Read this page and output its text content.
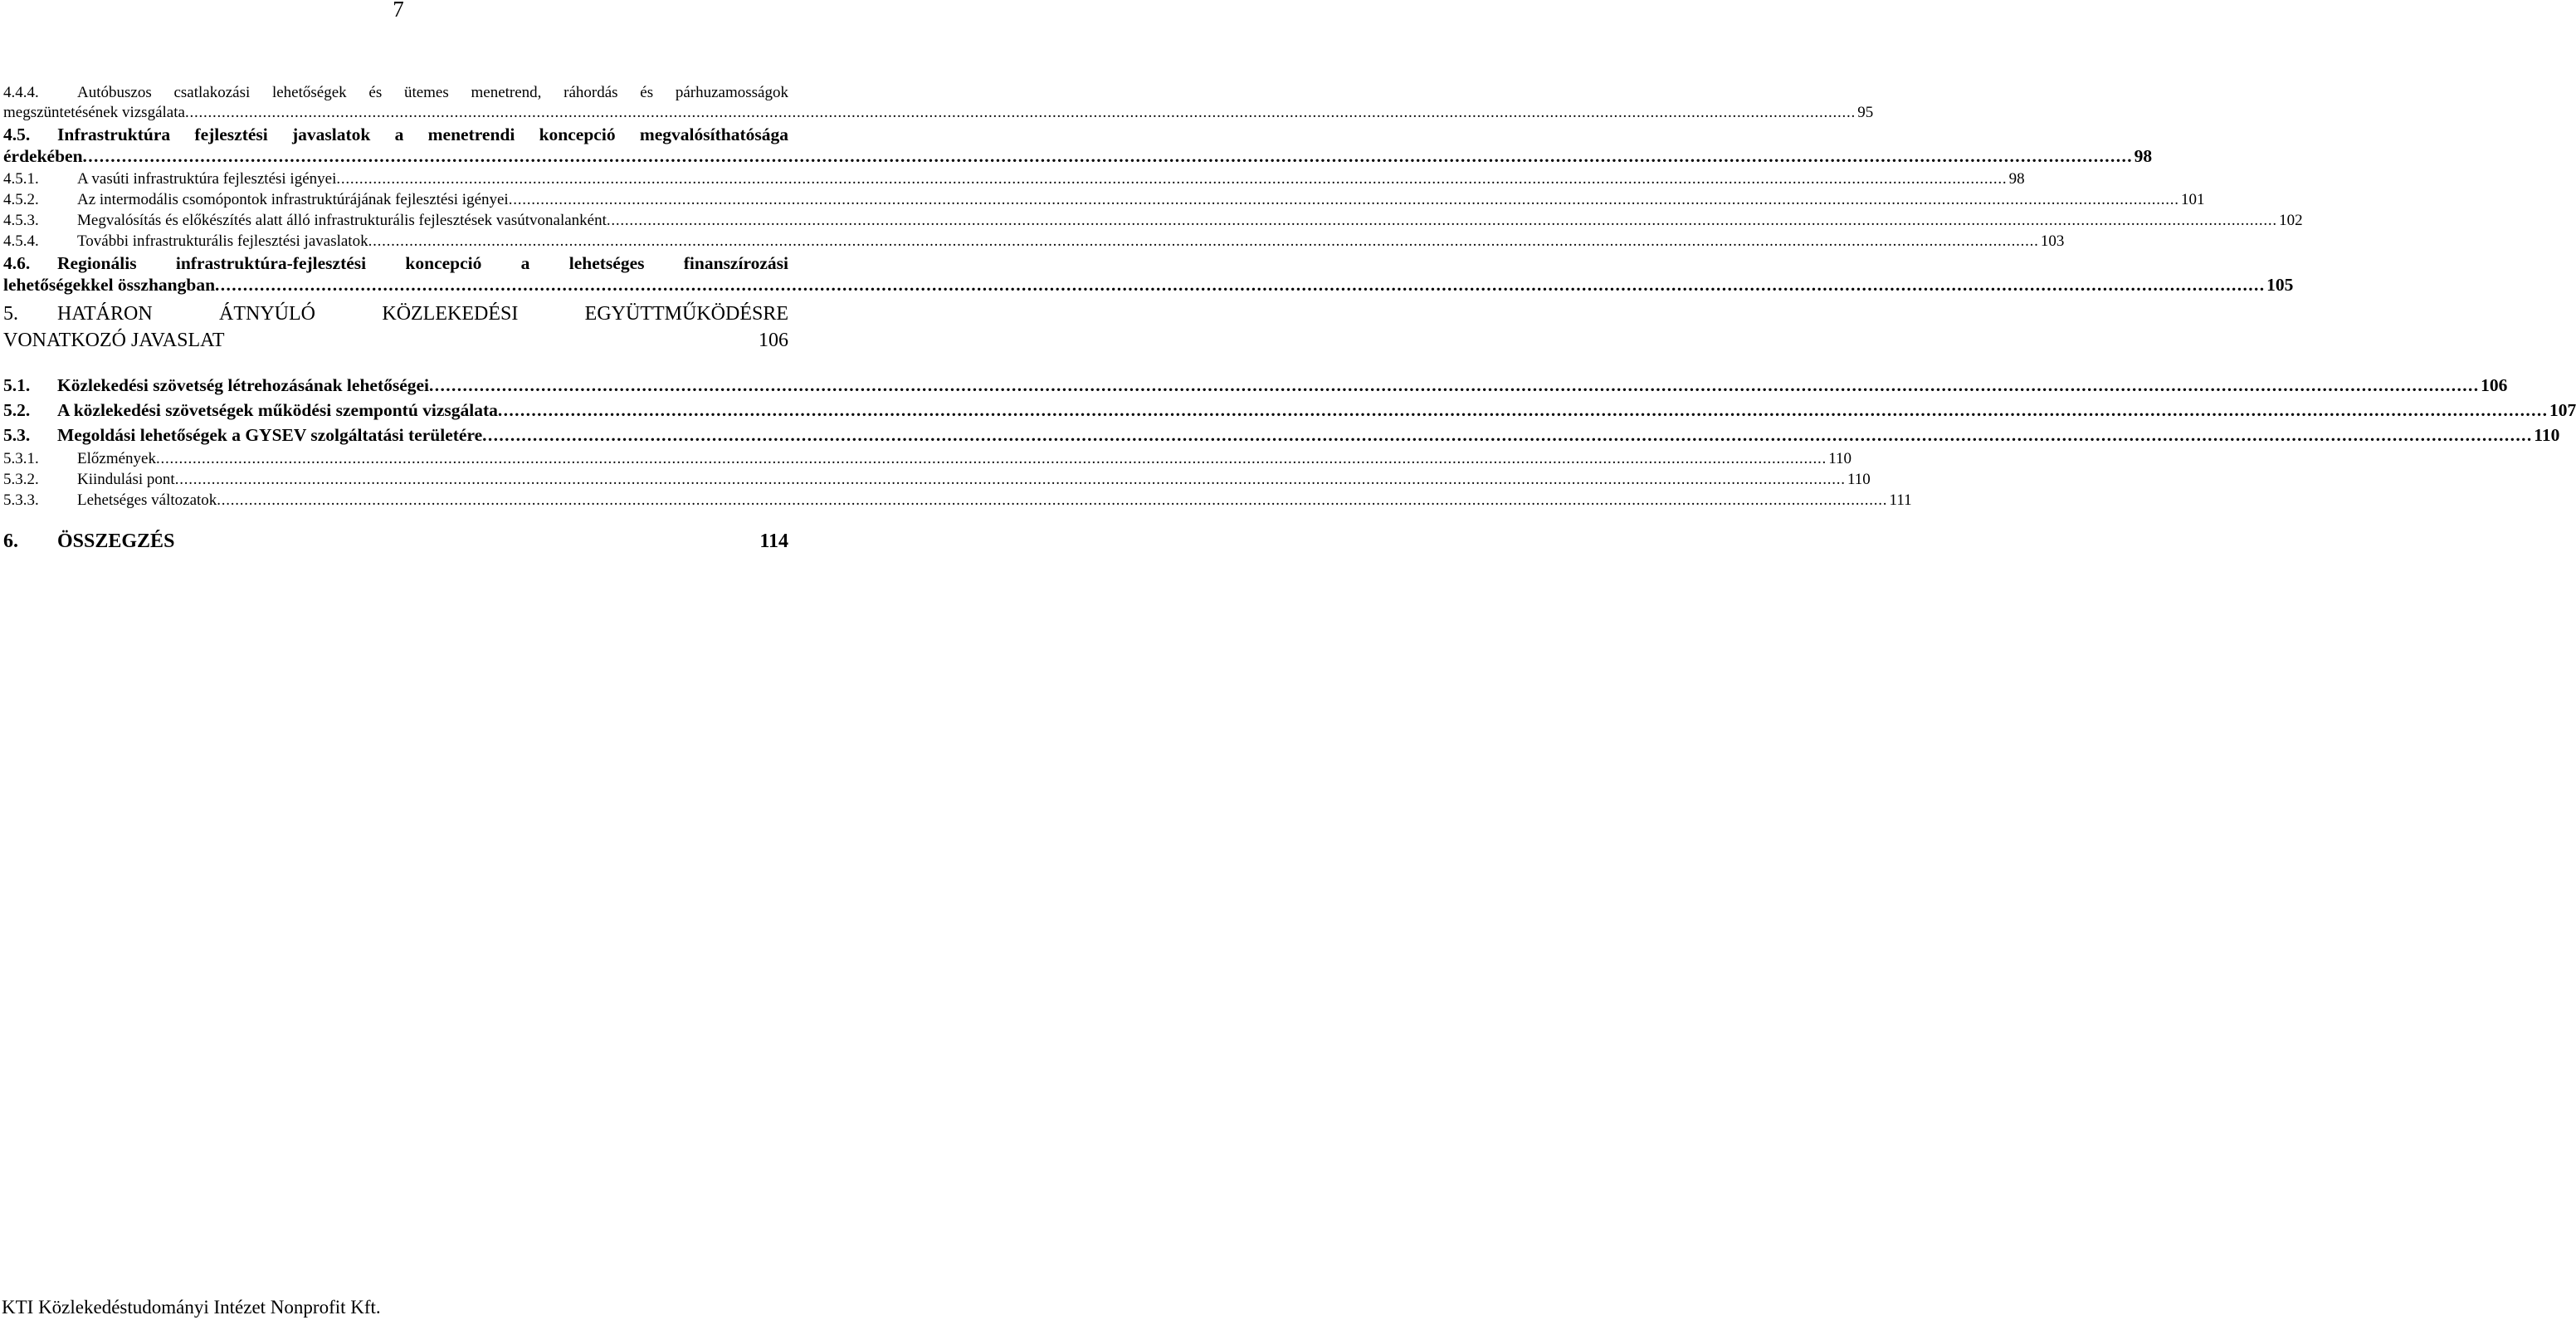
7
4.4.4.	Autóbuszos csatlakozási lehetőségek és ütemes menetrend, ráhordás és párhuzamosságok
megszüntetésének vizsgálata . . .	95
4.5.	Infrastruktúra fejlesztési javaslatok a menetrendi koncepció megvalósíthatósága
érdekében . . .	98
4.5.1.	A vasúti infrastruktúra fejlesztési igényei . . .	98
4.5.2.	Az intermodális csomópontok infrastruktúrájának fejlesztési igényei . . .	101
4.5.3.	Megvalósítás és előkészítés alatt álló infrastrukturális fejlesztések vasútvonalanként . . .	102
4.5.4.	További infrastrukturális fejlesztési javaslatok . . .	103
4.6.	Regionális infrastruktúra-fejlesztési koncepció a lehetséges finanszírozási
lehetőségekkel összhangban . . .	105
5.	HATÁRON ÁTNYÚLÓ KÖZLEKEDÉSI EGYÜTTMŰKÖDÉSRE
VONATKOZÓ JAVASLAT	106
5.1.	Közlekedési szövetség létrehozásának lehetőségei . . .	106
5.2.	A közlekedési szövetségek működési szempontú vizsgálata . . .	107
5.3.	Megoldási lehetőségek a GYSEV szolgáltatási területére . . .	110
5.3.1.	Előzmények . . .	110
5.3.2.	Kiindulási pont . . .	110
5.3.3.	Lehetséges változatok . . .	111
6.	ÖSSZEGZÉS	114
KTI Közlekedéstudományi Intézet Nonprofit Kft.
